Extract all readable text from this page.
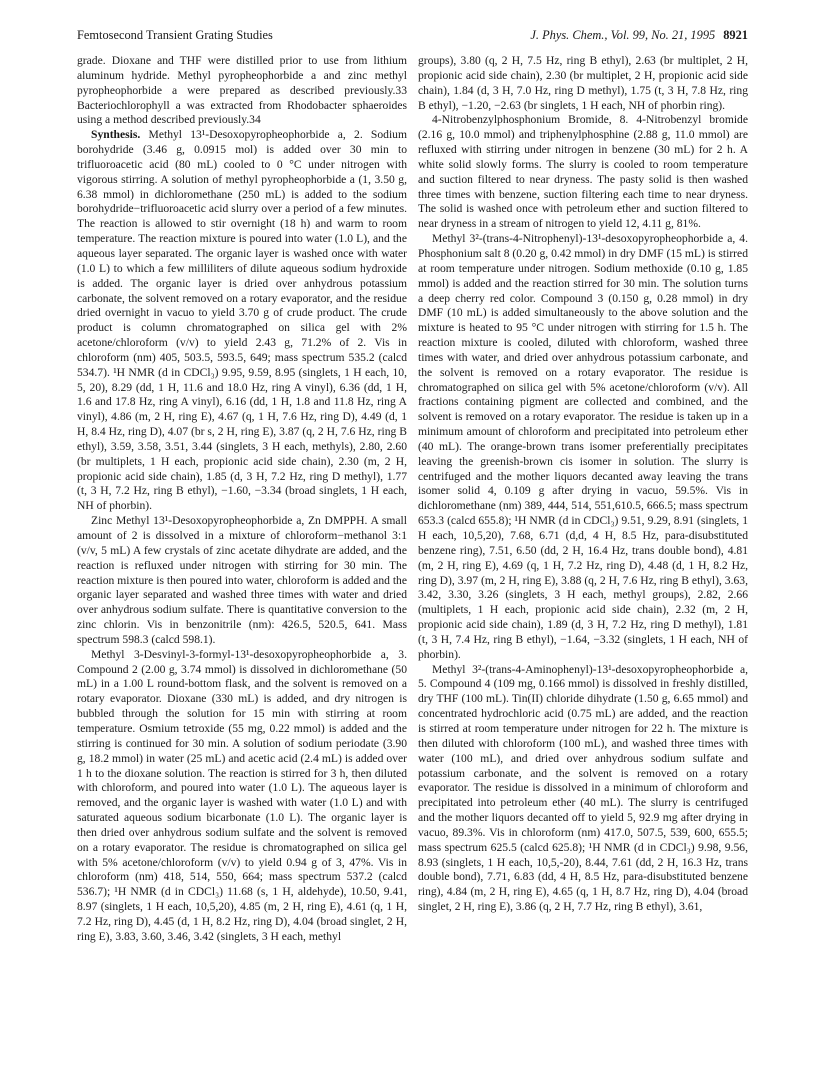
Femtosecond Transient Grating Studies	J. Phys. Chem., Vol. 99, No. 21, 1995 8921

grade. Dioxane and THF were distilled prior to use from lithium aluminum hydride. Methyl pyropheophorbide a and zinc methyl pyropheophorbide a were prepared as described previously.33 Bacteriochlorophyll a was extracted from Rhodobacter sphaeroides using a method described previously.34

Synthesis. Methyl 13¹-Desoxopyropheophorbide a, 2. Sodium borohydride (3.46 g, 0.0915 mol) is added over 30 min to trifluoroacetic acid (80 mL) cooled to 0 °C under nitrogen with vigorous stirring. A solution of methyl pyropheophorbide a (1, 3.50 g, 6.38 mmol) in dichloromethane (250 mL) is added to the sodium borohydride−trifluoroacetic acid slurry over a period of a few minutes. The reaction is allowed to stir overnight (18 h) and warm to room temperature. The reaction mixture is poured into water (1.0 L), and the aqueous layer separated. The organic layer is washed once with water (1.0 L) to which a few milliliters of dilute aqueous sodium hydroxide is added. The organic layer is dried over anhydrous potassium carbonate, the solvent removed on a rotary evaporator, and the residue dried overnight in vacuo to yield 3.70 g of crude product. The crude product is column chromatographed on silica gel with 2% acetone/chloroform (v/v) to yield 2.43 g, 71.2% of 2. Vis in chloroform (nm) 405, 503.5, 593.5, 649; mass spectrum 535.2 (calcd 534.7). ¹H NMR (d in CDCl₃) 9.95, 9.59, 8.95 (singlets, 1 H each, 10, 5, 20), 8.29 (dd, 1 H, 11.6 and 18.0 Hz, ring A vinyl), 6.36 (dd, 1 H, 1.6 and 17.8 Hz, ring A vinyl), 6.16 (dd, 1 H, 1.8 and 11.8 Hz, ring A vinyl), 4.86 (m, 2 H, ring E), 4.67 (q, 1 H, 7.6 Hz, ring D), 4.49 (d, 1 H, 8.4 Hz, ring D), 4.07 (br s, 2 H, ring E), 3.87 (q, 2 H, 7.6 Hz, ring B ethyl), 3.59, 3.58, 3.51, 3.44 (singlets, 3 H each, methyls), 2.80, 2.60 (br multiplets, 1 H each, propionic acid side chain), 2.30 (m, 2 H, propionic acid side chain), 1.85 (d, 3 H, 7.2 Hz, ring D methyl), 1.77 (t, 3 H, 7.2 Hz, ring B ethyl), −1.60, −3.34 (broad singlets, 1 H each, NH of phorbin).

Zinc Methyl 13¹-Desoxopyropheophorbide a, Zn DMPPH. A small amount of 2 is dissolved in a mixture of chloroform−methanol 3:1 (v/v, 5 mL) A few crystals of zinc acetate dihydrate are added, and the reaction is refluxed under nitrogen with stirring for 30 min. The reaction mixture is then poured into water, chloroform is added and the organic layer separated and washed three times with water and dried over anhydrous sodium sulfate. There is quantitative conversion to the zinc chlorin. Vis in benzonitrile (nm): 426.5, 520.5, 641. Mass spectrum 598.3 (calcd 598.1).

Methyl 3-Desvinyl-3-formyl-13¹-desoxopyropheophorbide a, 3. Compound 2 (2.00 g, 3.74 mmol) is dissolved in dichloromethane (50 mL) in a 1.00 L round-bottom flask, and the solvent is removed on a rotary evaporator. Dioxane (330 mL) is added, and dry nitrogen is bubbled through the solution for 15 min with stirring at room temperature. Osmium tetroxide (55 mg, 0.22 mmol) is added and the stirring is continued for 30 min. A solution of sodium periodate (3.90 g, 18.2 mmol) in water (25 mL) and acetic acid (2.4 mL) is added over 1 h to the dioxane solution. The reaction is stirred for 3 h, then diluted with chloroform, and poured into water (1.0 L). The aqueous layer is removed, and the organic layer is washed with water (1.0 L) and with saturated aqueous sodium bicarbonate (1.0 L). The organic layer is then dried over anhydrous sodium sulfate and the solvent is removed on a rotary evaporator. The residue is chromatographed on silica gel with 5% acetone/chloroform (v/v) to yield 0.94 g of 3, 47%. Vis in chloroform (nm) 418, 514, 550, 664; mass spectrum 537.2 (calcd 536.7); ¹H NMR (d in CDCl₃) 11.68 (s, 1 H, aldehyde), 10.50, 9.41, 8.97 (singlets, 1 H each, 10,5,20), 4.85 (m, 2 H, ring E), 4.61 (q, 1 H, 7.2 Hz, ring D), 4.45 (d, 1 H, 8.2 Hz, ring D), 4.04 (broad singlet, 2 H, ring E), 3.83, 3.60, 3.46, 3.42 (singlets, 3 H each, methyl

groups), 3.80 (q, 2 H, 7.5 Hz, ring B ethyl), 2.63 (br multiplet, 2 H, propionic acid side chain), 2.30 (br multiplet, 2 H, propionic acid side chain), 1.84 (d, 3 H, 7.0 Hz, ring D methyl), 1.75 (t, 3 H, 7.8 Hz, ring B ethyl), −1.20, −2.63 (br singlets, 1 H each, NH of phorbin ring).

4-Nitrobenzylphosphonium Bromide, 8. 4-Nitrobenzyl bromide (2.16 g, 10.0 mmol) and triphenylphosphine (2.88 g, 11.0 mmol) are refluxed with stirring under nitrogen in benzene (30 mL) for 2 h. A white solid slowly forms. The slurry is cooled to room temperature and suction filtered to near dryness. The pasty solid is then washed three times with benzene, suction filtering each time to near dryness. The solid is washed once with petroleum ether and suction filtered to near dryness in a stream of nitrogen to yield 12, 4.11 g, 81%.

Methyl 3²-(trans-4-Nitrophenyl)-13¹-desoxopyropheophorbide a, 4. Phosphonium salt 8 (0.20 g, 0.42 mmol) in dry DMF (15 mL) is stirred at room temperature under nitrogen. Sodium methoxide (0.10 g, 1.85 mmol) is added and the reaction stirred for 30 min. The solution turns a deep cherry red color. Compound 3 (0.150 g, 0.28 mmol) in dry DMF (10 mL) is added simultaneously to the above solution and the mixture is heated to 95 °C under nitrogen with stirring for 1.5 h. The reaction mixture is cooled, diluted with chloroform, washed three times with water, and dried over anhydrous potassium carbonate, and the solvent is removed on a rotary evaporator. The residue is chromatographed on silica gel with 5% acetone/chloroform (v/v). All fractions containing pigment are collected and combined, and the solvent is removed on a rotary evaporator. The residue is taken up in a minimum amount of chloroform and precipitated into petroleum ether (40 mL). The orange-brown trans isomer preferentially precipitates leaving the greenish-brown cis isomer in solution. The slurry is centrifuged and the mother liquors decanted away leaving the trans isomer solid 4, 0.109 g after drying in vacuo, 59.5%. Vis in dichloromethane (nm) 389, 444, 514, 551,610.5, 666.5; mass spectrum 653.3 (calcd 655.8); ¹H NMR (d in CDCl₃) 9.51, 9.29, 8.91 (singlets, 1 H each, 10,5,20), 7.68, 6.71 (d,d, 4 H, 8.5 Hz, para-disubstituted benzene ring), 7.51, 6.50 (dd, 2 H, 16.4 Hz, trans double bond), 4.81 (m, 2 H, ring E), 4.69 (q, 1 H, 7.2 Hz, ring D), 4.48 (d, 1 H, 8.2 Hz, ring D), 3.97 (m, 2 H, ring E), 3.88 (q, 2 H, 7.6 Hz, ring B ethyl), 3.63, 3.42, 3.30, 3.26 (singlets, 3 H each, methyl groups), 2.82, 2.66 (multiplets, 1 H each, propionic acid side chain), 2.32 (m, 2 H, propionic acid side chain), 1.89 (d, 3 H, 7.2 Hz, ring D methyl), 1.81 (t, 3 H, 7.4 Hz, ring B ethyl), −1.64, −3.32 (singlets, 1 H each, NH of phorbin).

Methyl 3²-(trans-4-Aminophenyl)-13¹-desoxopyropheophorbide a, 5. Compound 4 (109 mg, 0.166 mmol) is dissolved in freshly distilled, dry THF (100 mL). Tin(II) chloride dihydrate (1.50 g, 6.65 mmol) and concentrated hydrochloric acid (0.75 mL) are added, and the reaction is stirred at room temperature under nitrogen for 22 h. The mixture is then diluted with chloroform (100 mL), and washed three times with water (100 mL), and dried over anhydrous sodium sulfate and potassium carbonate, and the solvent is removed on a rotary evaporator. The residue is dissolved in a minimum of chloroform and precipitated into petroleum ether (40 mL). The slurry is centrifuged and the mother liquors decanted off to yield 5, 92.9 mg after drying in vacuo, 89.3%. Vis in chloroform (nm) 417.0, 507.5, 539, 600, 655.5; mass spectrum 625.5 (calcd 625.8); ¹H NMR (d in CDCl₃) 9.98, 9.56, 8.93 (singlets, 1 H each, 10,5,-20), 8.44, 7.61 (dd, 2 H, 16.3 Hz, trans double bond), 7.71, 6.83 (dd, 4 H, 8.5 Hz, para-disubstituted benzene ring), 4.84 (m, 2 H, ring E), 4.65 (q, 1 H, 8.7 Hz, ring D), 4.04 (broad singlet, 2 H, ring E), 3.86 (q, 2 H, 7.7 Hz, ring B ethyl), 3.61,
